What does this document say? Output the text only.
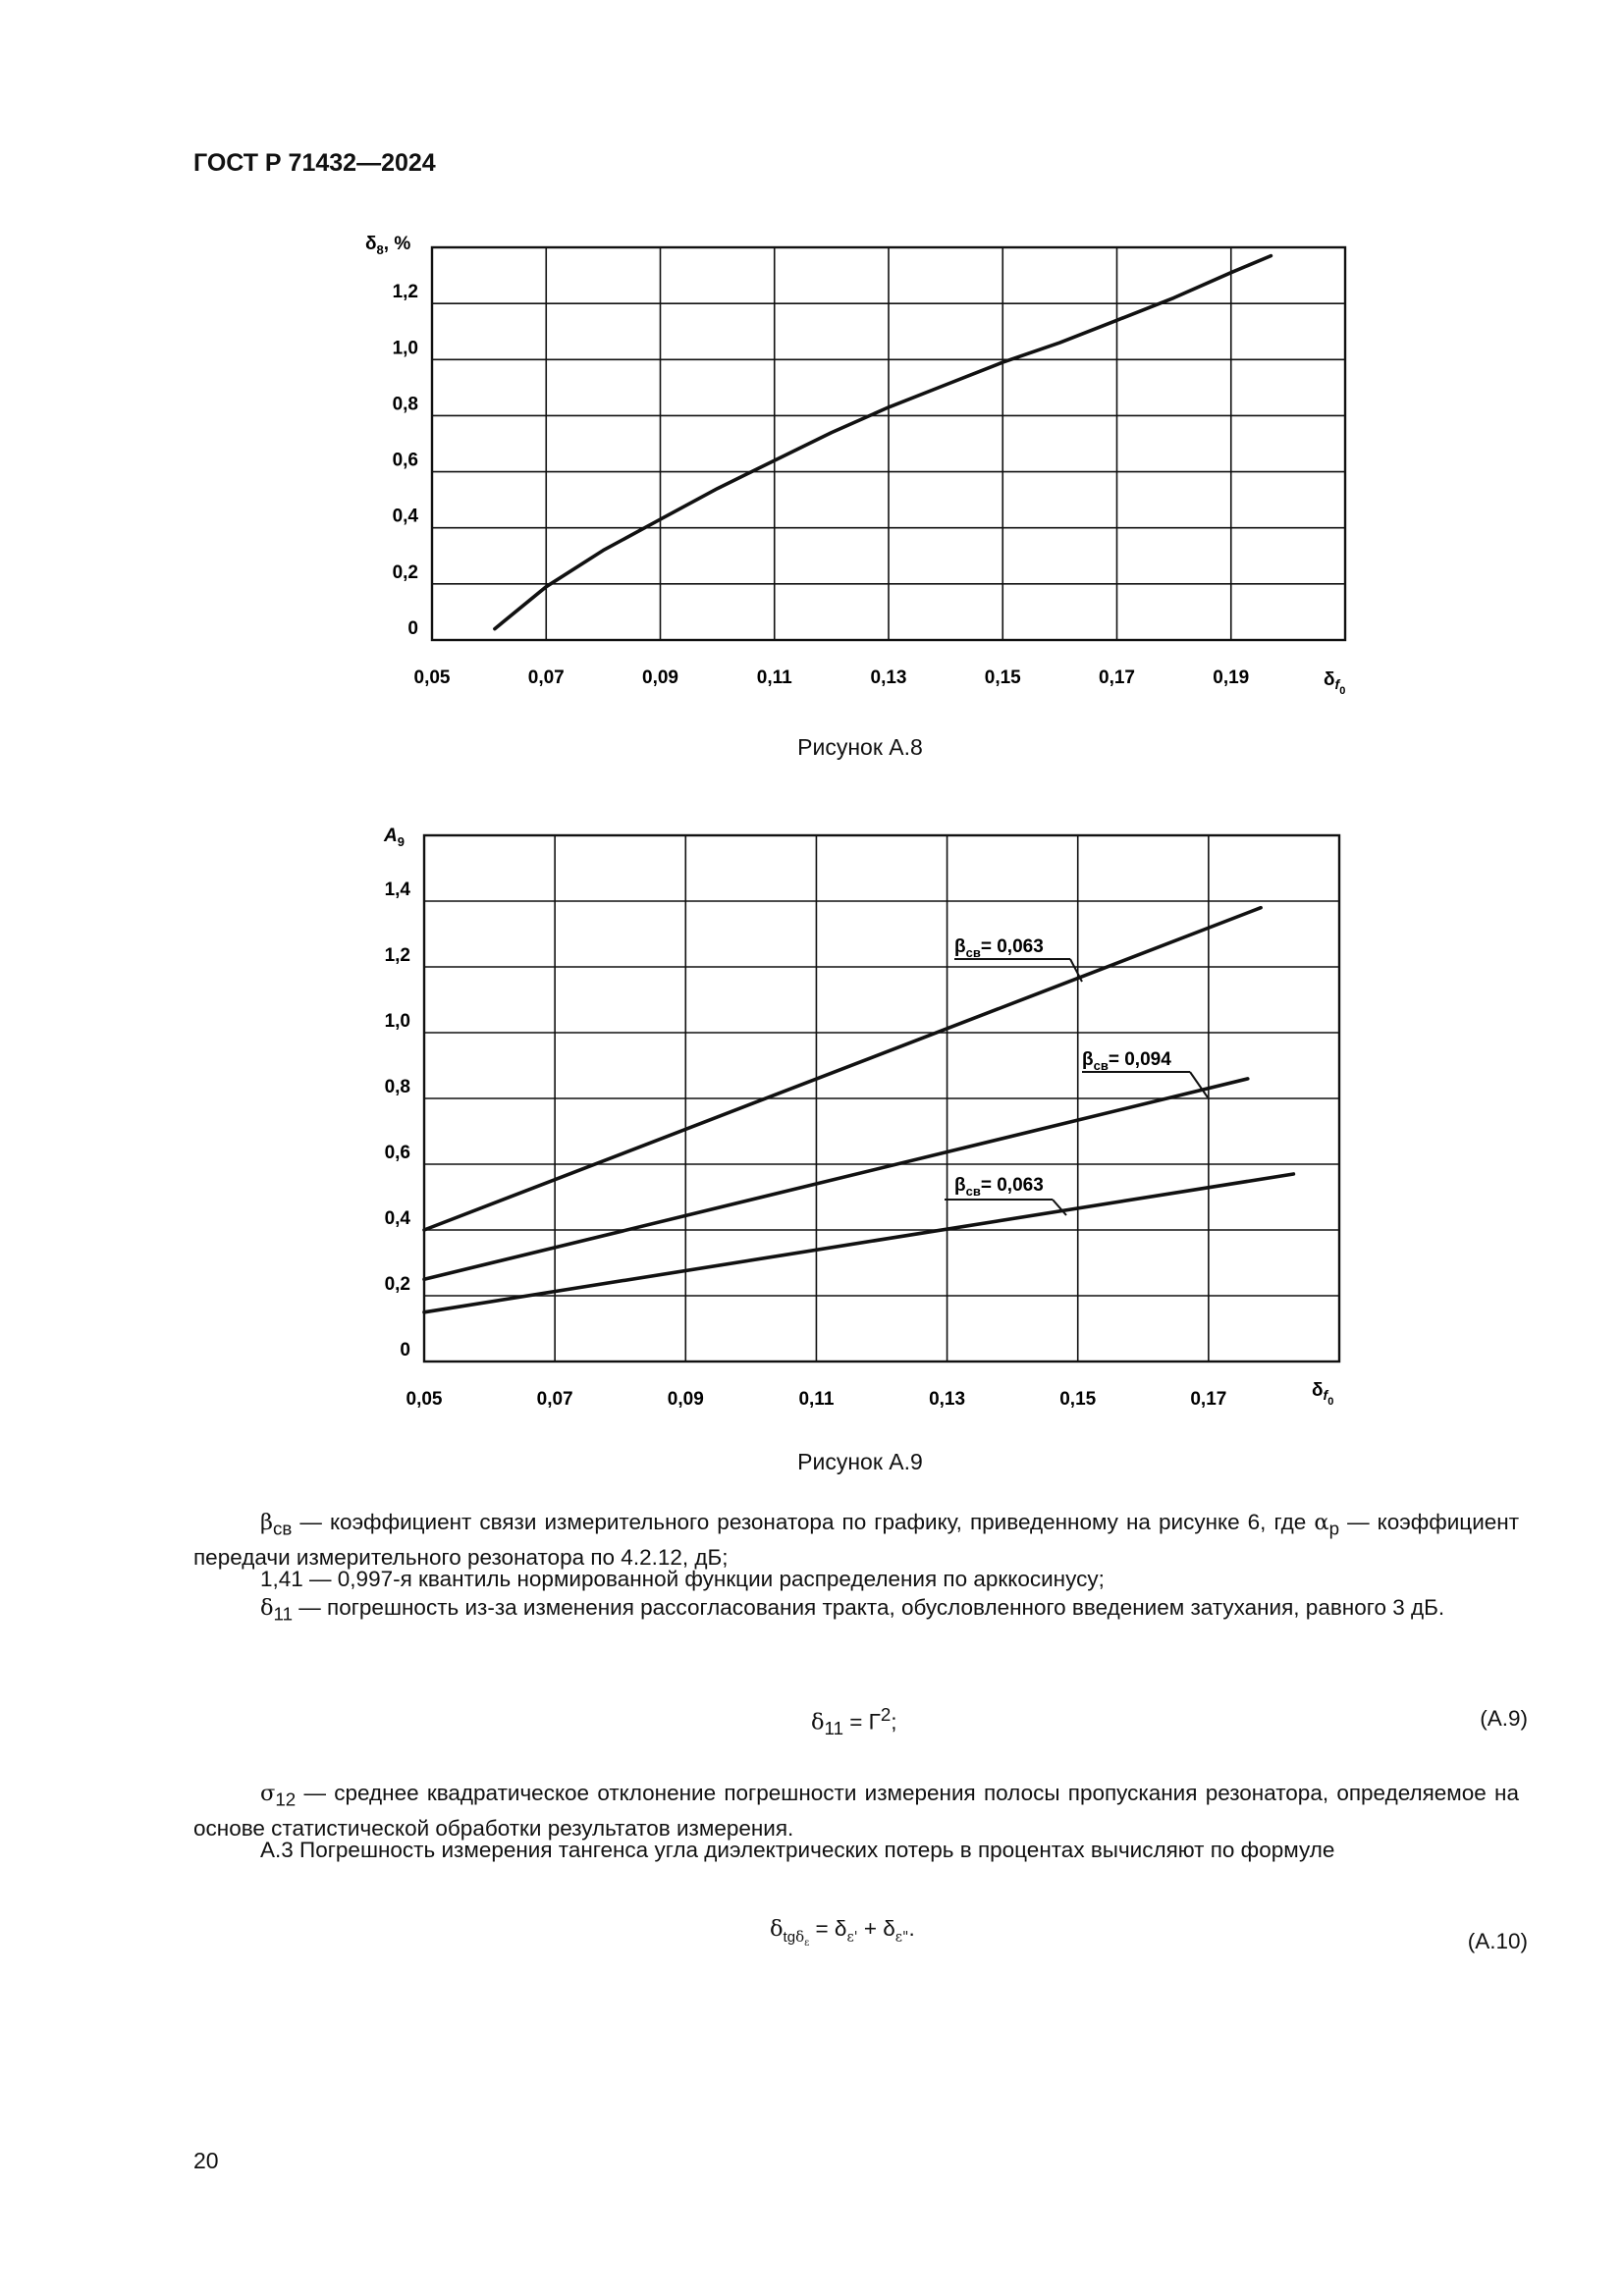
ГОСТ Р 71432—2024
0,05	0,07	0,09	0,11	0,13	0,15	0,17	0,19
0
0,2
0,4
0,6
0,8
1,0
1,2
$\delta_8$, %
$\delta_{f0}$
Рисунок А.8
0,05	0,07	0,09	0,11	0,13	0,15	0,17
0
0,2
0,4
0,6
0,8
1,0
1,2
1,4
$\beta_{св}= 0,063$
$\beta_{св}= 0,094$
$\beta_{св}= 0,063$
$A_9$
$\delta_{f0}$
Рисунок А.9
$\beta_{св}$ — коэффициент связи измерительного резонатора по графику, приведенному на рисунке 6, где $\alpha_р$ — коэффициент передачи измерительного резонатора по 4.2.12, дБ;
1,41 — 0,997-я квантиль нормированной функции распределения по арккосинусу;
$\delta_{11}$ — погрешность из-за изменения рассогласования тракта, обусловленного введением затухания, равного 3 дБ.
$\delta_{11} = Г^2$;	(А.9)
$\sigma_{12}$ — среднее квадратическое отклонение погрешности измерения полосы пропускания резонатора, определяемое на основе статистической обработки результатов измерения.
А.3 Погрешность измерения тангенса угла диэлектрических потерь в процентах вычисляют по формуле
$\delta_{tg\delta_\varepsilon} = \delta_{\varepsilon'} + \delta_{\varepsilon"}$.
(А.10)
20
